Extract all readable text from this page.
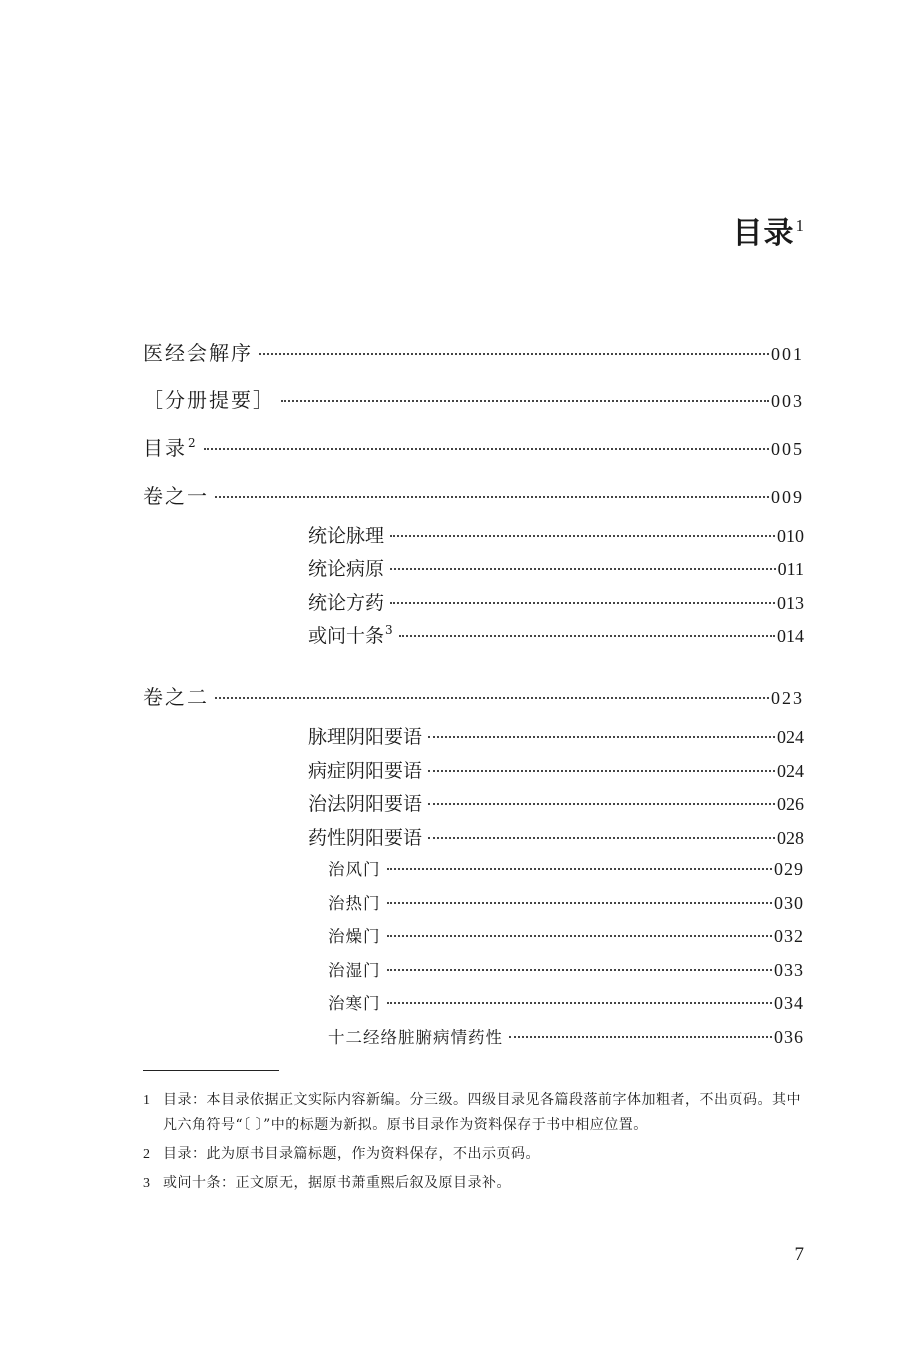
目录$^1$
医经会解序	001
［分册提要］	003
目录$^2$	005
卷之一	009
统论脉理	010
统论病原	011
统论方药	013
或问十条$^3$	014
卷之二	023
脉理阴阳要语	024
病症阴阳要语	024
治法阴阳要语	026
药性阴阳要语	028
治风门	029
治热门	030
治燥门	032
治湿门	033
治寒门	034
十二经络脏腑病情药性	036
1 目录：本目录依据正文实际内容新编。分三级。四级目录见各篇段落前字体加粗者，不出页码。其中凡六角符号“〔 〕”中的标题为新拟。原书目录作为资料保存于书中相应位置。
2 目录：此为原书目录篇标题，作为资料保存，不出示页码。
3 或问十条：正文原无，据原书萧重熙后叙及原目录补。
7
